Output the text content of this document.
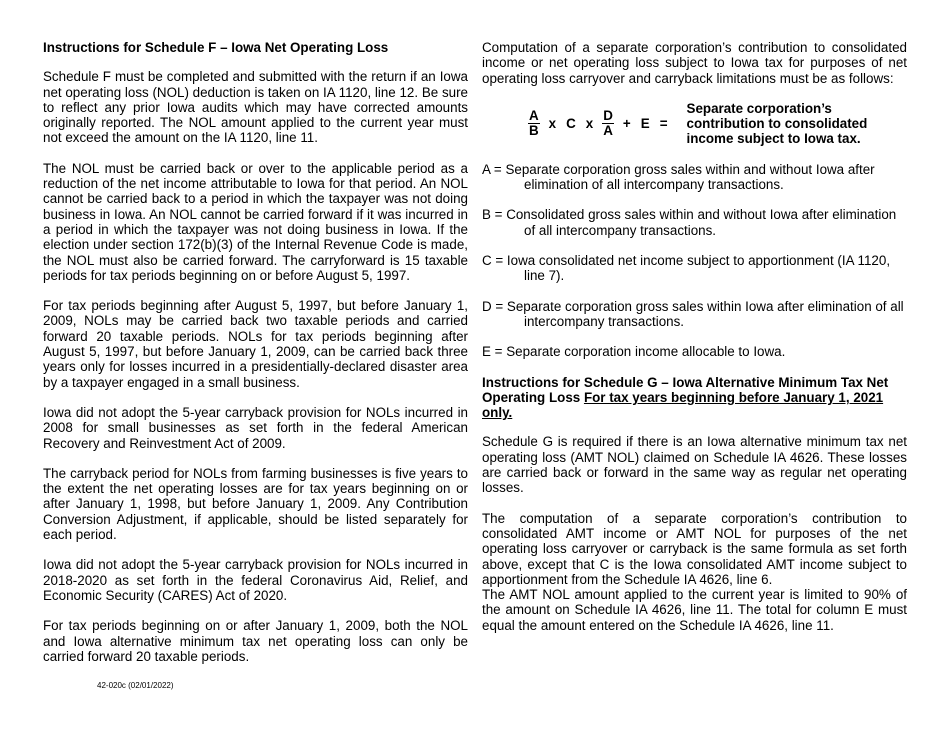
Instructions for Schedule F – Iowa Net Operating Loss

Schedule F must be completed and submitted with the return if an Iowa net operating loss (NOL) deduction is taken on IA 1120, line 12. Be sure to reflect any prior Iowa audits which may have corrected amounts originally reported. The NOL amount applied to the current year must not exceed the amount on the IA 1120, line 11.

The NOL must be carried back or over to the applicable period as a reduction of the net income attributable to Iowa for that period. An NOL cannot be carried back to a period in which the taxpayer was not doing business in Iowa. An NOL cannot be carried forward if it was incurred in a period in which the taxpayer was not doing business in Iowa. If the election under section 172(b)(3) of the Internal Revenue Code is made, the NOL must also be carried forward. The carryforward is 15 taxable periods for tax periods beginning on or before August 5, 1997.

For tax periods beginning after August 5, 1997, but before January 1, 2009, NOLs may be carried back two taxable periods and carried forward 20 taxable periods. NOLs for tax periods beginning after August 5, 1997, but before January 1, 2009, can be carried back three years only for losses incurred in a presidentially-declared disaster area by a taxpayer engaged in a small business.

Iowa did not adopt the 5-year carryback provision for NOLs incurred in 2008 for small businesses as set forth in the federal American Recovery and Reinvestment Act of 2009.

The carryback period for NOLs from farming businesses is five years to the extent the net operating losses are for tax years beginning on or after January 1, 1998, but before January 1, 2009. Any Contribution Conversion Adjustment, if applicable, should be listed separately for each period.

Iowa did not adopt the 5-year carryback provision for NOLs incurred in 2018-2020 as set forth in the federal Coronavirus Aid, Relief, and Economic Security (CARES) Act of 2020.

For tax periods beginning on or after January 1, 2009, both the NOL and Iowa alternative minimum tax net operating loss can only be carried forward 20 taxable periods.

Computation of a separate corporation’s contribution to consolidated income or net operating loss subject to Iowa tax for purposes of net operating loss carryover and carryback limitations must be as follows:

$\frac{A}{B}$ x C x $\frac{D}{A} + E$ =
Separate corporation’s
contribution to consolidated
income subject to Iowa tax.
A = Separate corporation gross sales within and without Iowa after elimination of all intercompany transactions.
B = Consolidated gross sales within and without Iowa after elimination of all intercompany transactions.
C = Iowa consolidated net income subject to apportionment (IA 1120, line 7).
D = Separate corporation gross sales within Iowa after elimination of all intercompany transactions.
E = Separate corporation income allocable to Iowa.
Instructions for Schedule G – Iowa Alternative Minimum Tax Net Operating Loss For tax years beginning before January 1, 2021 only.

Schedule G is required if there is an Iowa alternative minimum tax net operating loss (AMT NOL) claimed on Schedule IA 4626. These losses are carried back or forward in the same way as regular net operating losses.

The computation of a separate corporation’s contribution to consolidated AMT income or AMT NOL for purposes of the net operating loss carryover or carryback is the same formula as set forth above, except that C is the Iowa consolidated AMT income subject to apportionment from the Schedule IA 4626, line 6.

The AMT NOL amount applied to the current year is limited to 90% of the amount on Schedule IA 4626, line 11. The total for column E must equal the amount entered on the Schedule IA 4626, line 11.

42-020c (02/01/2022)
